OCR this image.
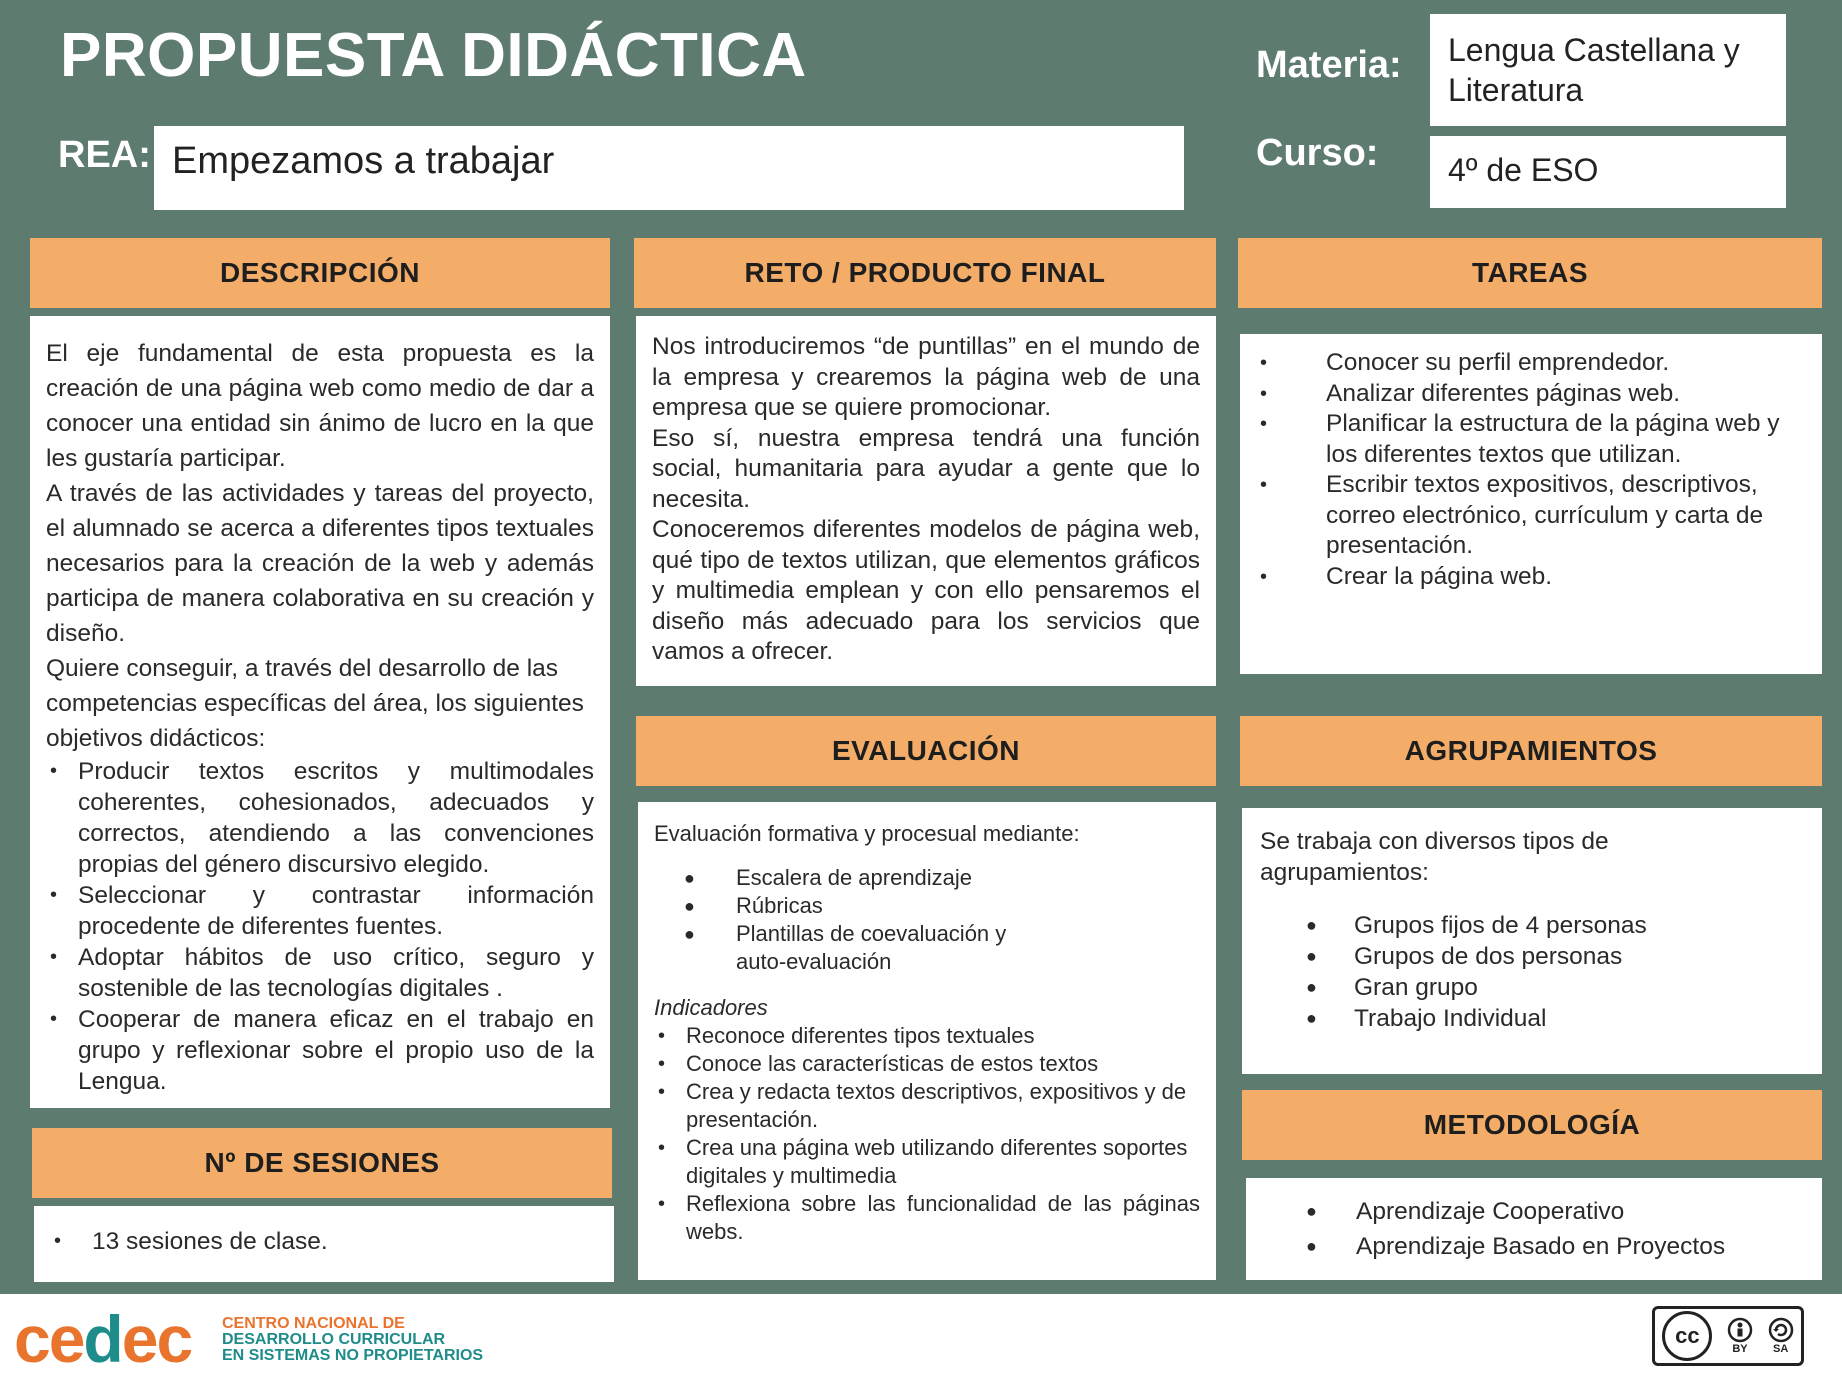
PROPUESTA DIDÁCTICA
REA: Empezamos a trabajar
Materia:	Lengua Castellana y Literatura
Curso:	4º de ESO
DESCRIPCIÓN

El eje fundamental de esta propuesta es la creación de una página web como medio de dar a conocer una entidad sin ánimo de lucro en la que les gustaría participar.

A través de las actividades y tareas del proyecto, el alumnado se acerca a diferentes tipos textuales necesarios para la creación de la web y además participa de manera colaborativa en su creación y diseño.

Quiere conseguir, a través del desarrollo de las competencias específicas del área, los siguientes objetivos didácticos:

• Producir textos escritos y multimodales coherentes, cohesionados, adecuados y correctos, atendiendo a las convenciones propias del género discursivo elegido.
• Seleccionar y contrastar información procedente de diferentes fuentes.
• Adoptar hábitos de uso crítico, seguro y sostenible de las tecnologías digitales .
• Cooperar de manera eficaz en el trabajo en grupo y reflexionar sobre el propio uso de la Lengua.
Nº DE SESIONES
• 13 sesiones de clase.
RETO / PRODUCTO FINAL

Nos introduciremos “de puntillas” en el mundo de la empresa y crearemos la página web de una empresa que se quiere promocionar.

Eso sí, nuestra empresa tendrá una función social, humanitaria para ayudar a gente que lo necesita.

Conoceremos diferentes modelos de página web, qué tipo de textos utilizan, que elementos gráficos y multimedia emplean y con ello pensaremos el diseño más adecuado para los servicios que vamos a ofrecer.

EVALUACIÓN

Evaluación formativa y procesual mediante:

● Escalera de aprendizaje
● Rúbricas
● Plantillas de coevaluación y auto-evaluación

Indicadores

• Reconoce diferentes tipos textuales
• Conoce las características de estos textos
• Crea y redacta textos descriptivos, expositivos y de presentación.
• Crea una página web utilizando diferentes soportes digitales y multimedia
• Reflexiona sobre las funcionalidad de las páginas webs.
TAREAS
• Conocer su perfil emprendedor.
• Analizar diferentes páginas web.
• Planificar la estructura de la página web y los diferentes textos que utilizan.
• Escribir textos expositivos, descriptivos, correo electrónico, currículum y carta de presentación.
• Crear la página web.
AGRUPAMIENTOS

Se trabaja con diversos tipos de agrupamientos:

● Grupos fijos de 4 personas
● Grupos de dos personas
● Gran grupo
● Trabajo Individual
METODOLOGÍA
● Aprendizaje Cooperativo
● Aprendizaje Basado en Proyectos
cedec CENTRO NACIONAL DE
DESARROLLO CURRICULAR
EN SISTEMAS NO PROPIETARIOS
cc
BY SA
